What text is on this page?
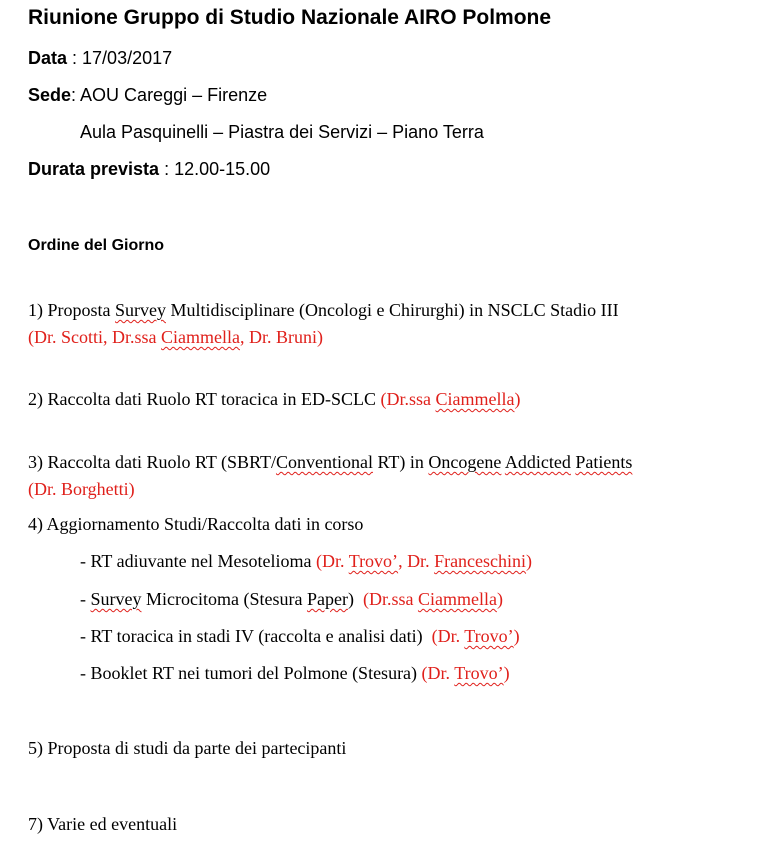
Riunione Gruppo di Studio Nazionale AIRO Polmone
Data : 17/03/2017
Sede: AOU Careggi – Firenze
Aula Pasquinelli – Piastra dei Servizi – Piano Terra
Durata prevista : 12.00-15.00
Ordine del Giorno
1) Proposta Survey Multidisciplinare (Oncologi e Chirurghi) in NSCLC Stadio III
(Dr. Scotti, Dr.ssa Ciammella, Dr. Bruni)
2) Raccolta dati Ruolo RT toracica in ED-SCLC (Dr.ssa Ciammella)
3) Raccolta dati Ruolo RT (SBRT/Conventional RT) in Oncogene Addicted Patients
(Dr. Borghetti)
4) Aggiornamento Studi/Raccolta dati in corso
- RT adiuvante nel Mesotelioma (Dr. Trovo’, Dr. Franceschini)
- Survey Microcitoma (Stesura Paper)  (Dr.ssa Ciammella)
- RT toracica in stadi IV (raccolta e analisi dati)  (Dr. Trovo’)
- Booklet RT nei tumori del Polmone (Stesura) (Dr. Trovo’)
5) Proposta di studi da parte dei partecipanti
7) Varie ed eventuali
